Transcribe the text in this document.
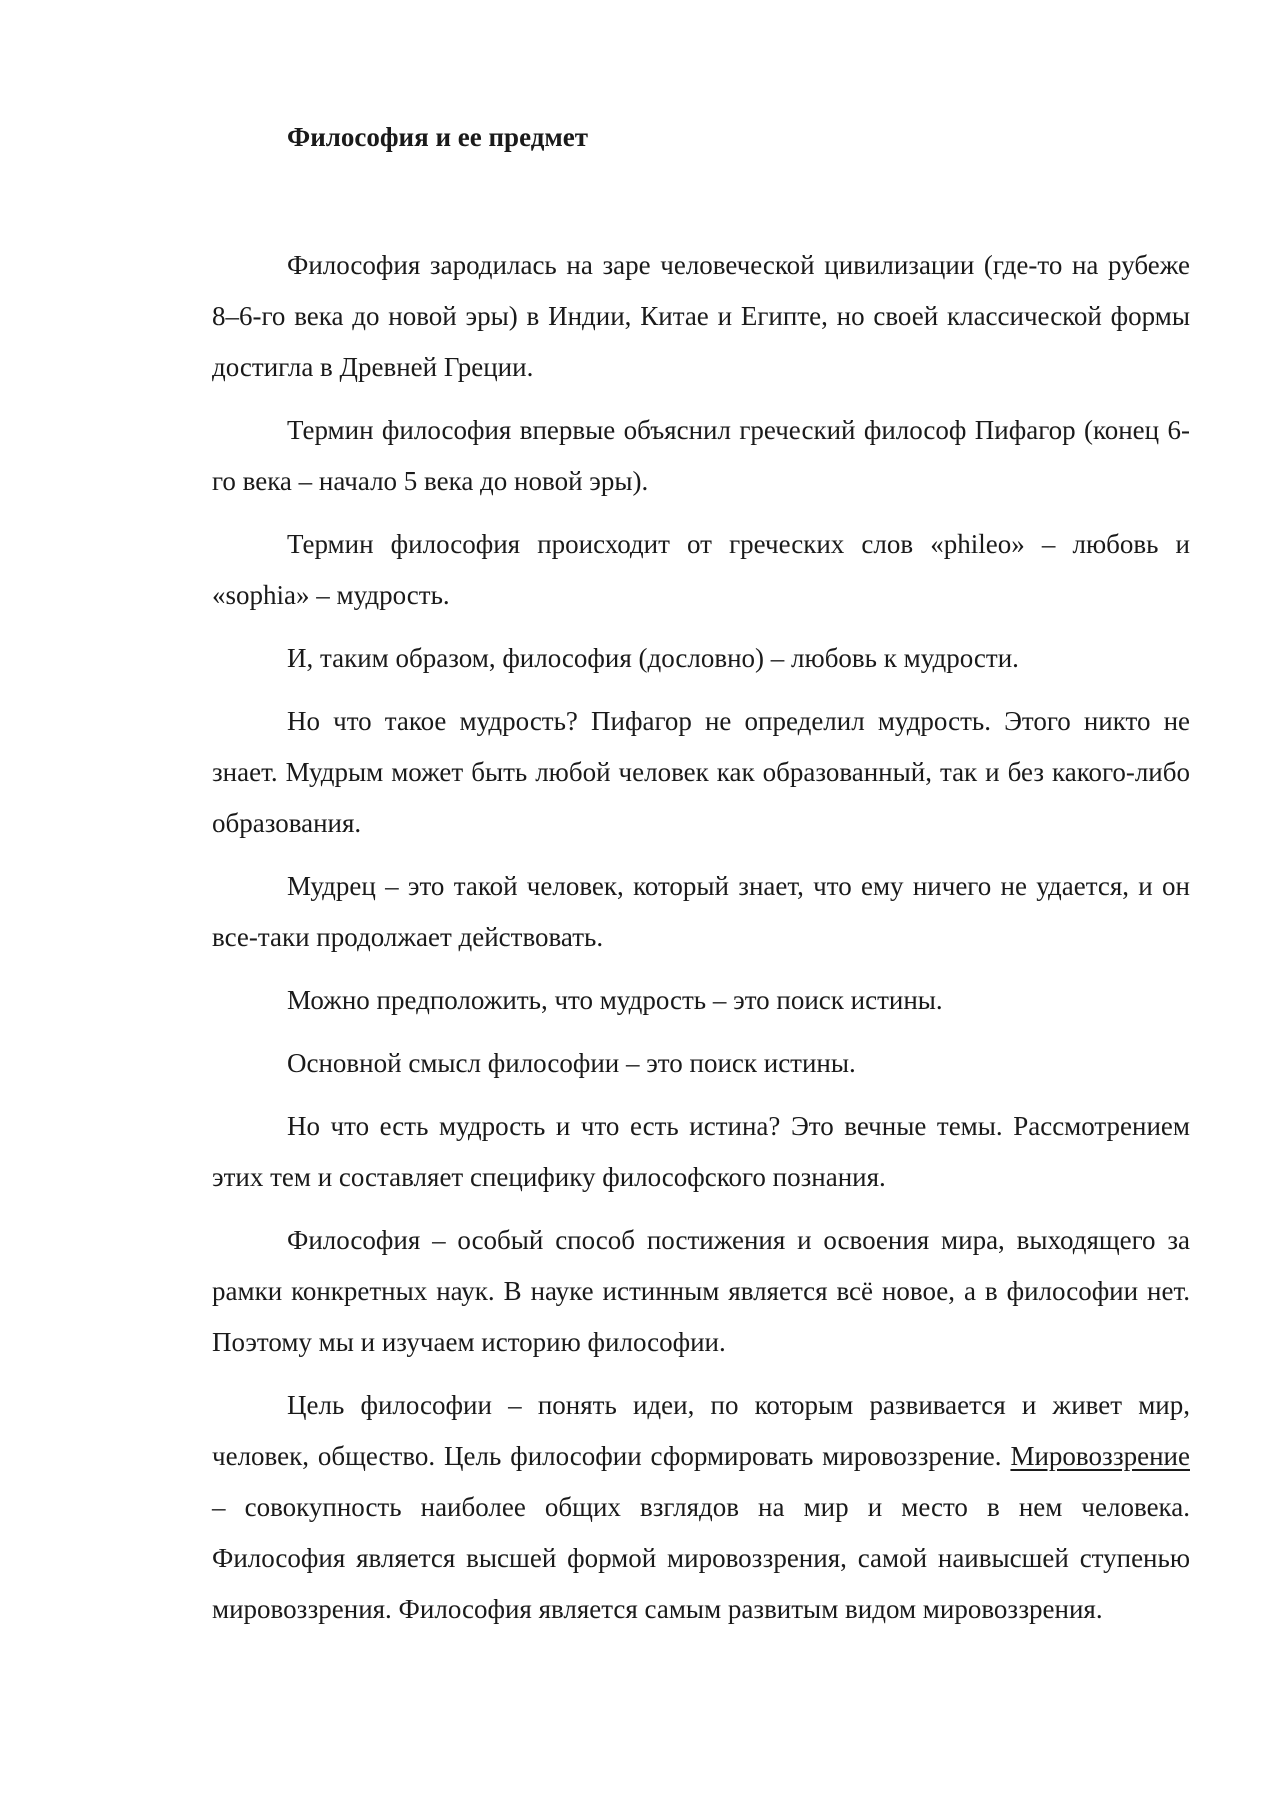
Философия и ее предмет

Философия зародилась на заре человеческой цивилизации (где-то на рубеже 8–6-го века до новой эры) в Индии, Китае и Египте, но своей классической формы достигла в Древней Греции.

Термин философия впервые объяснил греческий философ Пифагор (конец 6-го века – начало 5 века до новой эры).

Термин философия происходит от греческих слов «phileo» – любовь и «sophia» – мудрость.

И, таким образом, философия (дословно) – любовь к мудрости.

Но что такое мудрость? Пифагор не определил мудрость. Этого никто не знает. Мудрым может быть любой человек как образованный, так и без какого-либо образования.

Мудрец – это такой человек, который знает, что ему ничего не удается, и он все-таки продолжает действовать.

Можно предположить, что мудрость – это поиск истины.

Основной смысл философии – это поиск истины.

Но что есть мудрость и что есть истина? Это вечные темы. Рассмотрением этих тем и составляет специфику философского познания.

Философия – особый способ постижения и освоения мира, выходящего за рамки конкретных наук. В науке истинным является всё новое, а в философии нет. Поэтому мы и изучаем историю философии.

Цель философии – понять идеи, по которым развивается и живет мир, человек, общество. Цель философии сформировать мировоззрение. Мировоззрение – совокупность наиболее общих взглядов на мир и место в нем человека. Философия является высшей формой мировоззрения, самой наивысшей ступенью мировоззрения. Философия является самым развитым видом мировоззрения.
